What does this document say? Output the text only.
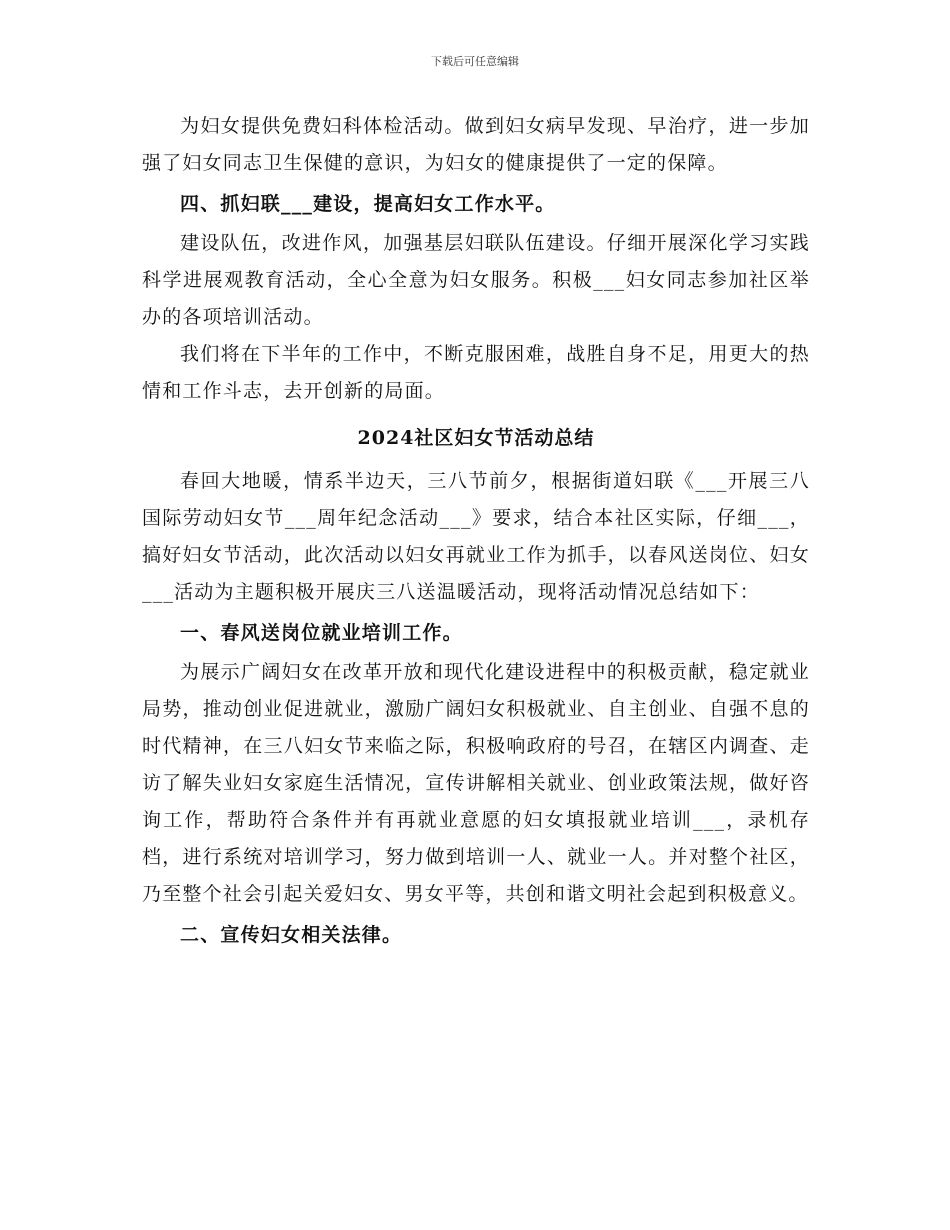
下载后可任意编辑

为妇女提供免费妇科体检活动。做到妇女病早发现、早治疗，进一步加强了妇女同志卫生保健的意识，为妇女的健康提供了一定的保障。

四、抓妇联___建设，提高妇女工作水平。

建设队伍，改进作风，加强基层妇联队伍建设。仔细开展深化学习实践科学进展观教育活动，全心全意为妇女服务。积极___妇女同志参加社区举办的各项培训活动。

我们将在下半年的工作中，不断克服困难，战胜自身不足，用更大的热情和工作斗志，去开创新的局面。

2024社区妇女节活动总结

春回大地暖，情系半边天，三八节前夕，根据街道妇联《___开展三八国际劳动妇女节___周年纪念活动___》要求，结合本社区实际，仔细___，搞好妇女节活动，此次活动以妇女再就业工作为抓手，以春风送岗位、妇女___活动为主题积极开展庆三八送温暖活动，现将活动情况总结如下：

一、春风送岗位就业培训工作。

为展示广阔妇女在改革开放和现代化建设进程中的积极贡献，稳定就业局势，推动创业促进就业，激励广阔妇女积极就业、自主创业、自强不息的时代精神，在三八妇女节来临之际，积极响政府的号召，在辖区内调查、走访了解失业妇女家庭生活情况，宣传讲解相关就业、创业政策法规，做好咨询工作，帮助符合条件并有再就业意愿的妇女填报就业培训___，录机存档，进行系统对培训学习，努力做到培训一人、就业一人。并对整个社区，乃至整个社会引起关爱妇女、男女平等，共创和谐文明社会起到积极意义。

二、宣传妇女相关法律。
